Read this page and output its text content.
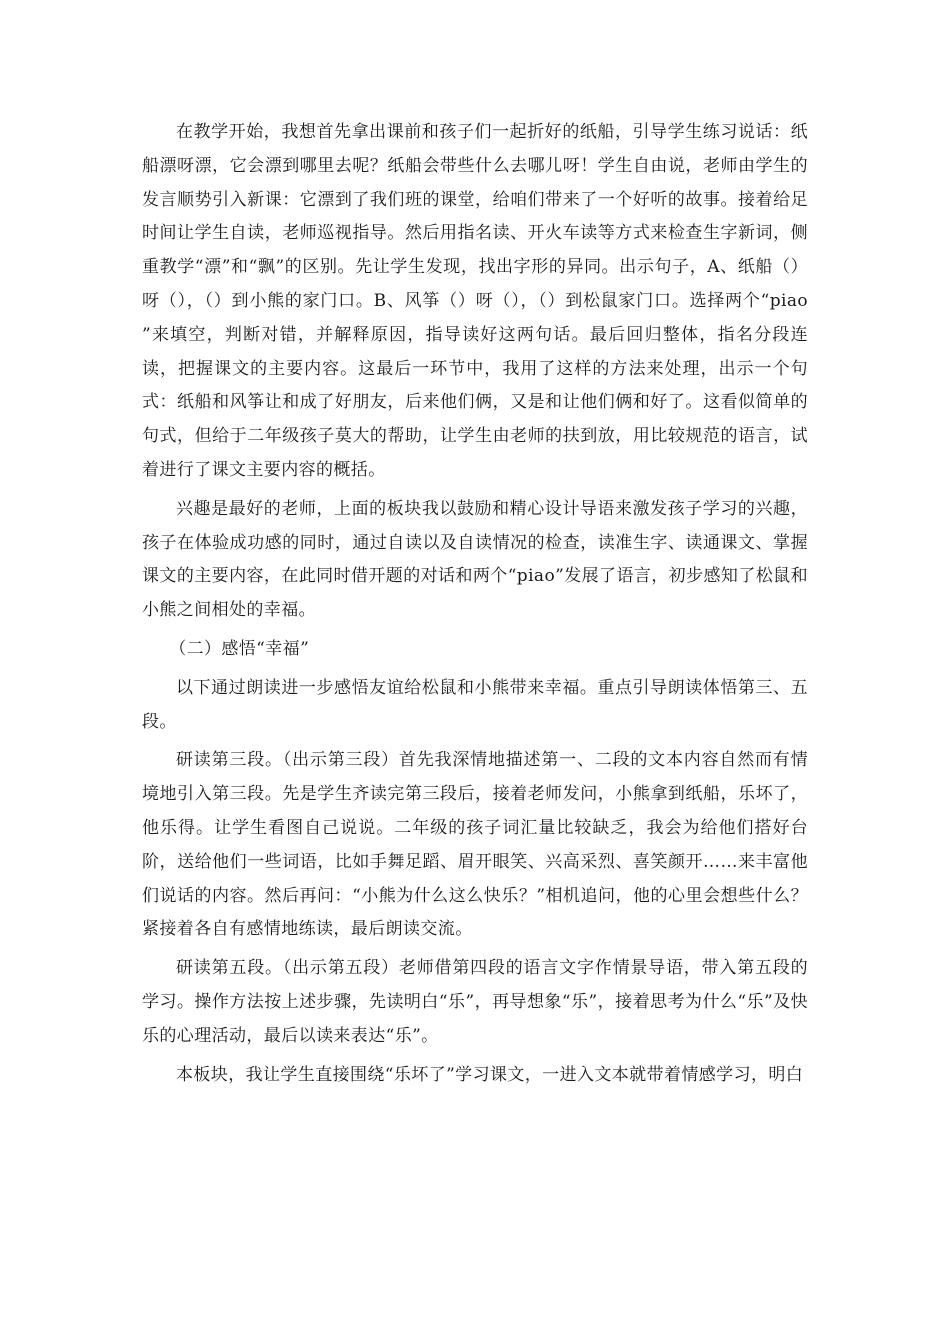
在教学开始，我想首先拿出课前和孩子们一起折好的纸船，引导学生练习说话：纸船漂呀漂，它会漂到哪里去呢？纸船会带些什么去哪儿呀！学生自由说，老师由学生的发言顺势引入新课：它漂到了我们班的课堂，给咱们带来了一个好听的故事。接着给足时间让学生自读，老师巡视指导。然后用指名读、开火车读等方式来检查生字新词，侧重教学“漂”和“飘”的区别。先让学生发现，找出字形的异同。出示句子，A、纸船（）呀（），（）到小熊的家门口。B、风筝（）呀（），（）到松鼠家门口。选择两个“piao ”来填空，判断对错，并解释原因，指导读好这两句话。最后回归整体，指名分段连读，把握课文的主要内容。这最后一环节中，我用了这样的方法来处理，出示一个句式：纸船和风筝让和成了好朋友，后来他们俩，又是和让他们俩和好了。这看似简单的句式，但给于二年级孩子莫大的帮助，让学生由老师的扶到放，用比较规范的语言，试着进行了课文主要内容的概括。

兴趣是最好的老师，上面的板块我以鼓励和精心设计导语来激发孩子学习的兴趣，孩子在体验成功感的同时，通过自读以及自读情况的检查，读准生字、读通课文、掌握课文的主要内容，在此同时借开题的对话和两个“piao”发展了语言，初步感知了松鼠和小熊之间相处的幸福。

（二）感悟“幸福”

以下通过朗读进一步感悟友谊给松鼠和小熊带来幸福。重点引导朗读体悟第三、五段。

研读第三段。（出示第三段）首先我深情地描述第一、二段的文本内容自然而有情境地引入第三段。先是学生齐读完第三段后，接着老师发问，小熊拿到纸船，乐坏了，他乐得。让学生看图自己说说。二年级的孩子词汇量比较缺乏，我会为给他们搭好台阶，送给他们一些词语，比如手舞足蹈、眉开眼笑、兴高采烈、喜笑颜开……来丰富他们说话的内容。然后再问：“小熊为什么这么快乐？”相机追问，他的心里会想些什么？紧接着各自有感情地练读，最后朗读交流。

研读第五段。（出示第五段）老师借第四段的语言文字作情景导语，带入第五段的学习。操作方法按上述步骤，先读明白“乐”，再导想象“乐”，接着思考为什么“乐”及快乐的心理活动，最后以读来表达“乐”。

本板块，我让学生直接围绕“乐坏了”学习课文，一进入文本就带着情感学习，明白
